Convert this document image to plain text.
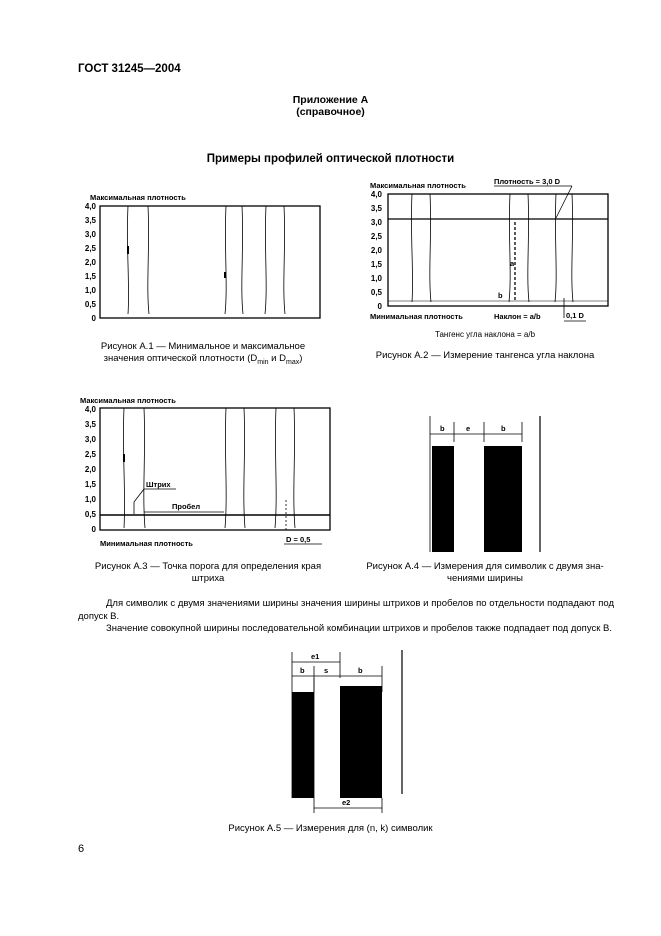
ГОСТ 31245—2004
Приложение А
(справочное)
Примеры профилей оптической плотности
Максимальная плотность
4,0
3,5
3,0
2,5
2,0
1,5
1,0
0,5
0
Рисунок А.1 — Минимальное и максимальное
значения оптической плотности ($D_{min}$ и $D_{max}$)
Максимальная плотность	Плотность = 3,0 D
4,0
3,5
3,0
2,5
2,0
1,5
1,0
0,5
0
a
b
Минимальная плотность	Наклон = a/b	0,1 D
Тангенс угла наклона = a/b
Рисунок А.2 — Измерение тангенса угла наклона
Максимальная плотность
4,0
3,5
3,0
2,5
2,0
1,5
1,0
0,5
0
Штрих
Пробел
Минимальная плотность	D = 0,5
Рисунок А.3 — Точка порога для определения края
штриха
b	e	b
Рисунок А.4 — Измерения для символик с двумя зна-
чениями ширины
Для символик с двумя значениями ширины значения ширины штрихов и пробелов по отдельности подпадают под допуск В.
Значение совокупной ширины последовательной комбинации штрихов и пробелов также подпадает под допуск В.
e1
b	s	b
e2
Рисунок А.5 — Измерения для (n, k) символик
6
